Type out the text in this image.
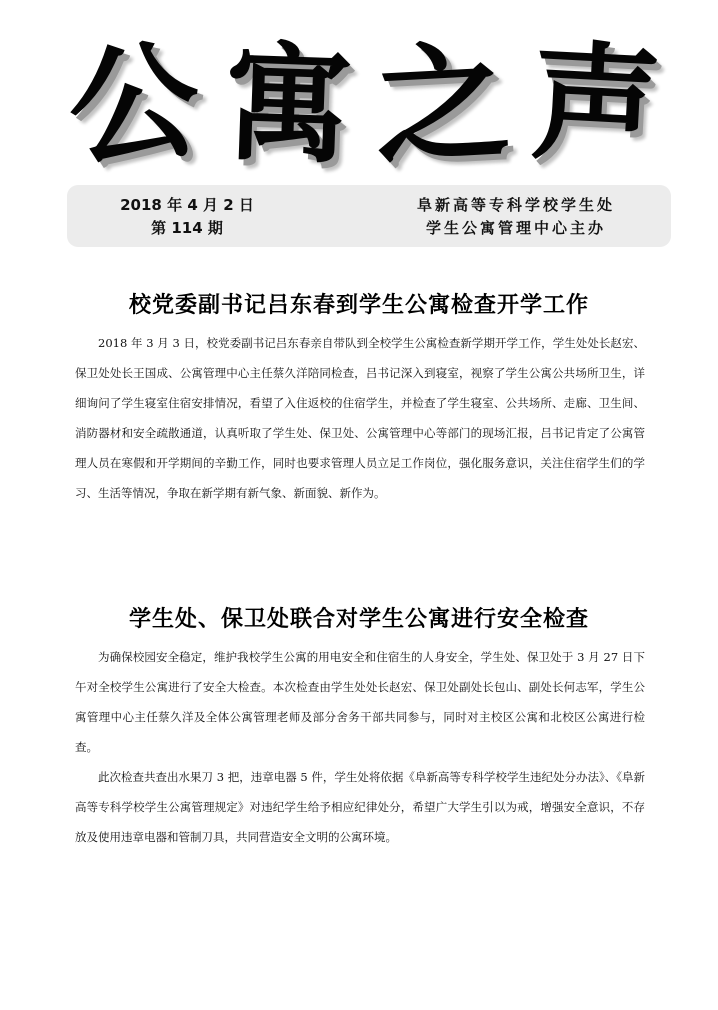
公 寓 之 声
2018 年 4 月 2 日
第 114 期
阜新高等专科学校学生处
学生公寓管理中心主办
校党委副书记吕东春到学生公寓检查开学工作

2018 年 3 月 3 日，校党委副书记吕东春亲自带队到全校学生公寓检查新学期开学工作，学生处处长赵宏、保卫处处长王国成、公寓管理中心主任蔡久洋陪同检查，吕书记深入到寝室，视察了学生公寓公共场所卫生，详细询问了学生寝室住宿安排情况，看望了入住返校的住宿学生，并检查了学生寝室、公共场所、走廊、卫生间、消防器材和安全疏散通道，认真听取了学生处、保卫处、公寓管理中心等部门的现场汇报，吕书记肯定了公寓管理人员在寒假和开学期间的辛勤工作，同时也要求管理人员立足工作岗位，强化服务意识，关注住宿学生们的学习、生活等情况，争取在新学期有新气象、新面貌、新作为。

学生处、保卫处联合对学生公寓进行安全检查

为确保校园安全稳定，维护我校学生公寓的用电安全和住宿生的人身安全，学生处、保卫处于 3 月 27 日下午对全校学生公寓进行了安全大检查。本次检查由学生处处长赵宏、保卫处副处长包山、副处长何志军，学生公寓管理中心主任蔡久洋及全体公寓管理老师及部分舍务干部共同参与，同时对主校区公寓和北校区公寓进行检查。

此次检查共查出水果刀 3 把，违章电器 5 件，学生处将依据《阜新高等专科学校学生违纪处分办法》、《阜新高等专科学校学生公寓管理规定》对违纪学生给予相应纪律处分，希望广大学生引以为戒，增强安全意识，不存放及使用违章电器和管制刀具，共同营造安全文明的公寓环境。
